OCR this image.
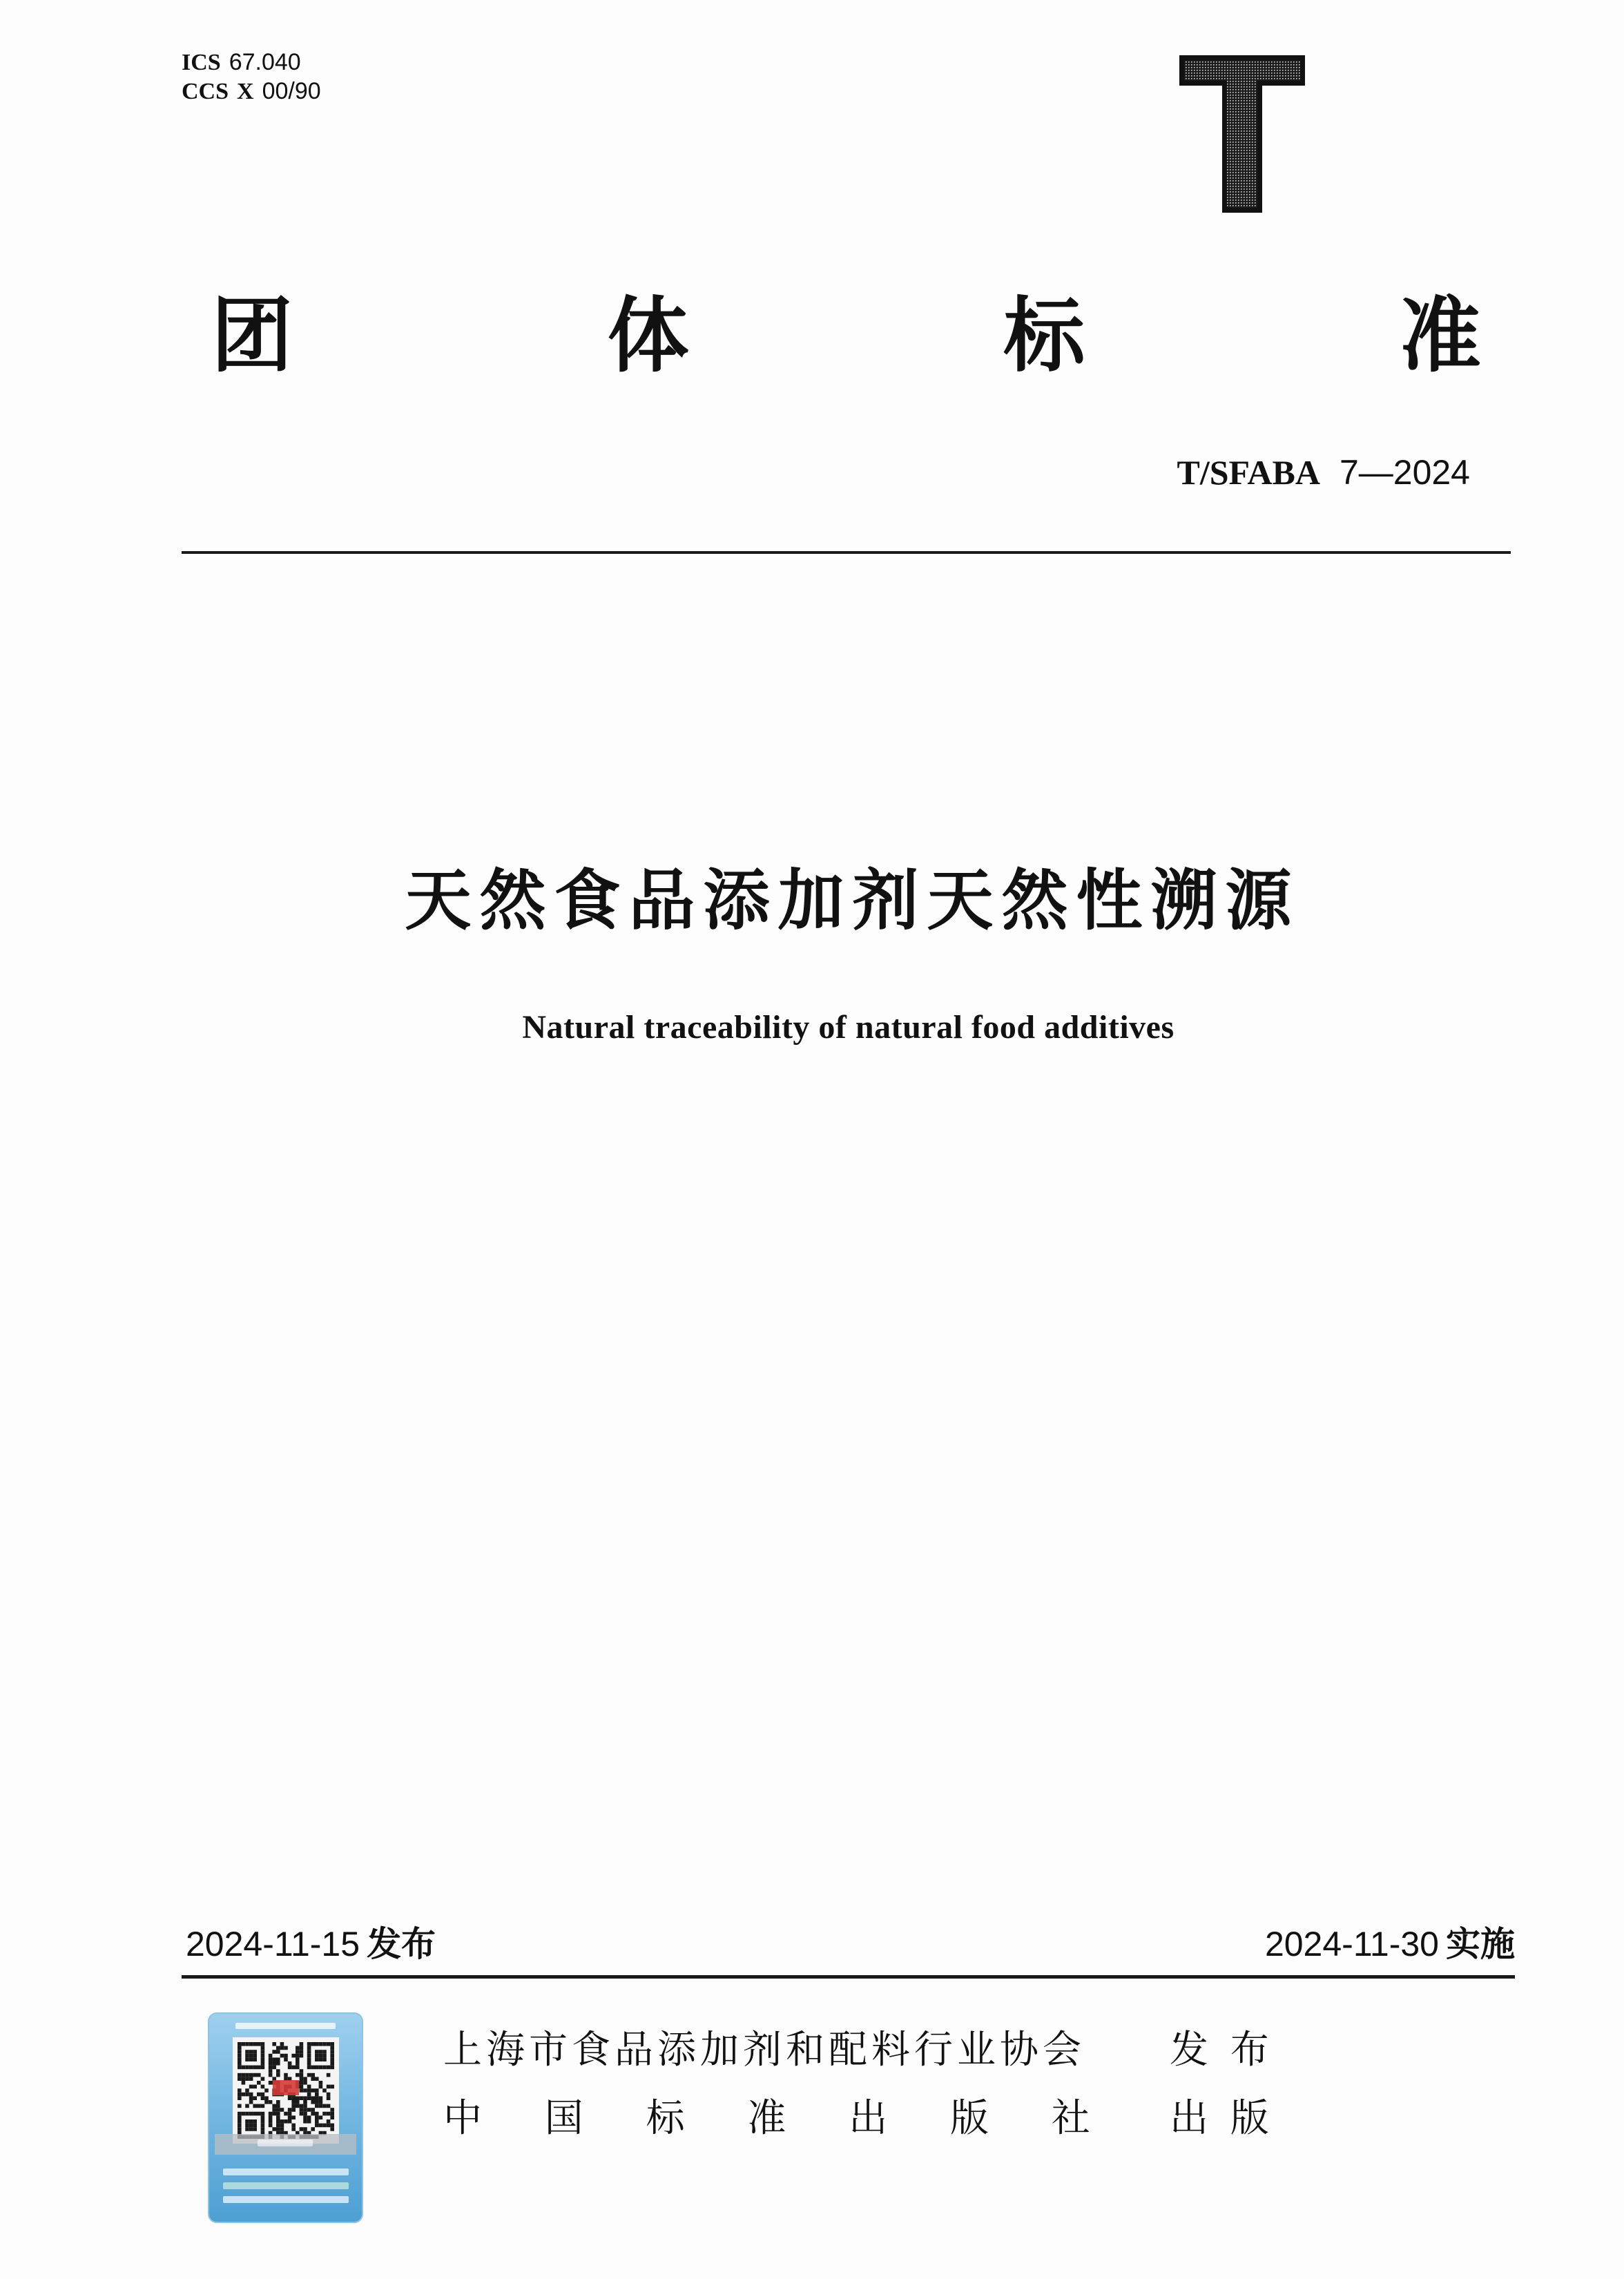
ICS 67.040
CCS X 00/90
团	体	标	准
T/SFABA 7—2024
天然食品添加剂天然性溯源
Natural traceability of natural food additives
2024-11-15 发布	2024-11-30 实施
上海市食品添加剂和配料行业协会 发 布
中 国 标 准 出 版 社 出 版
